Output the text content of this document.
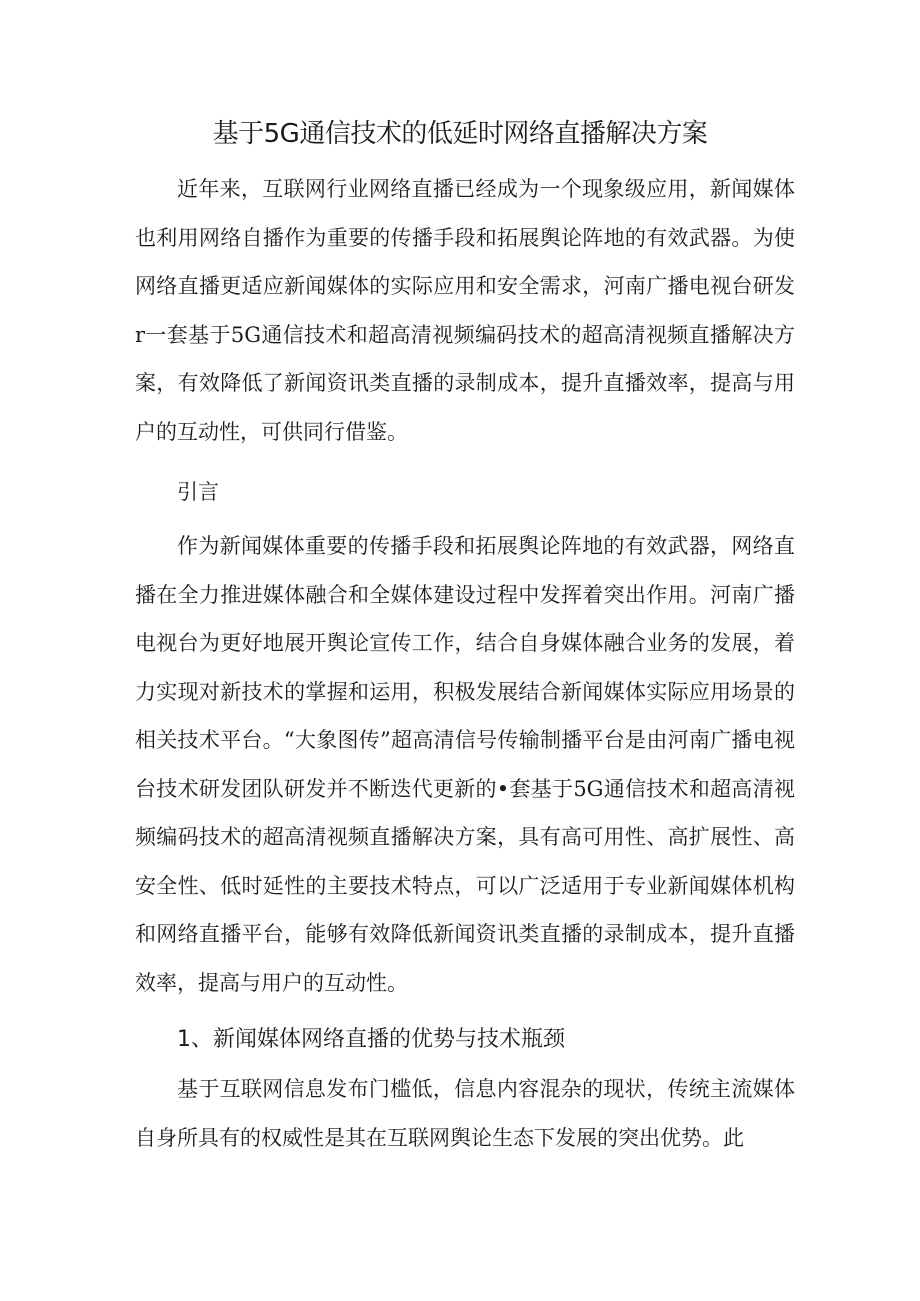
基于5G通信技术的低延时网络直播解决方案

近年来，互联网行业网络直播已经成为一个现象级应用，新闻媒体也利用网络自播作为重要的传播手段和拓展舆论阵地的有效武器。为使网络直播更适应新闻媒体的实际应用和安全需求，河南广播电视台研发r一套基于5G通信技术和超高清视频编码技术的超高清视频直播解决方案，有效降低了新闻资讯类直播的录制成本，提升直播效率，提高与用户的互动性，可供同行借鉴。

引言

作为新闻媒体重要的传播手段和拓展舆论阵地的有效武器，网络直播在全力推进媒体融合和全媒体建设过程中发挥着突出作用。河南广播电视台为更好地展开舆论宣传工作，结合自身媒体融合业务的发展，着力实现对新技术的掌握和运用，积极发展结合新闻媒体实际应用场景的相关技术平台。“大象图传”超高清信号传输制播平台是由河南广播电视台技术研发团队研发并不断迭代更新的•套基于5G通信技术和超高清视频编码技术的超高清视频直播解决方案，具有高可用性、高扩展性、高安全性、低时延性的主要技术特点，可以广泛适用于专业新闻媒体机构和网络直播平台，能够有效降低新闻资讯类直播的录制成本，提升直播效率，提高与用户的互动性。

1、新闻媒体网络直播的优势与技术瓶颈

基于互联网信息发布门槛低，信息内容混杂的现状，传统主流媒体自身所具有的权威性是其在互联网舆论生态下发展的突出优势。此
